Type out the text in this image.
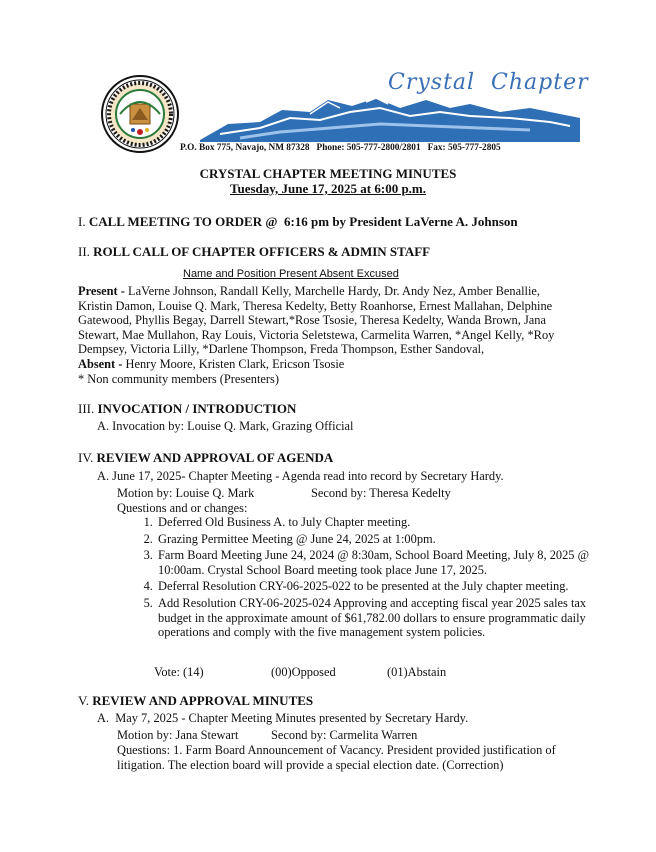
Crystal  Chapter
P.O. Box 775, Navajo, NM 87328   Phone: 505-777-2800/2801   Fax: 505-777-2805
CRYSTAL CHAPTER MEETING MINUTES
Tuesday, June 17, 2025 at 6:00 p.m.
I. CALL MEETING TO ORDER @  6:16 pm by President LaVerne A. Johnson
II. ROLL CALL OF CHAPTER OFFICERS & ADMIN STAFF
Name and Position Present Absent Excused
Present - LaVerne Johnson, Randall Kelly, Marchelle Hardy, Dr. Andy Nez, Amber Benallie,
Kristin Damon, Louise Q. Mark, Theresa Kedelty, Betty Roanhorse, Ernest Mallahan, Delphine
Gatewood, Phyllis Begay, Darrell Stewart,*Rose Tsosie, Theresa Kedelty, Wanda Brown, Jana
Stewart, Mae Mullahon, Ray Louis, Victoria Seletstewa, Carmelita Warren, *Angel Kelly, *Roy
Dempsey, Victoria Lilly, *Darlene Thompson, Freda Thompson, Esther Sandoval,
Absent - Henry Moore, Kristen Clark, Ericson Tsosie
* Non community members (Presenters)
III. INVOCATION / INTRODUCTION
A. Invocation by: Louise Q. Mark, Grazing Official
IV. REVIEW AND APPROVAL OF AGENDA
A. June 17, 2025- Chapter Meeting - Agenda read into record by Secretary Hardy.
Motion by: Louise Q. Mark	Second by: Theresa Kedelty
Questions and or changes:
1. Deferred Old Business A. to July Chapter meeting.
2. Grazing Permittee Meeting @ June 24, 2025 at 1:00pm.
3. Farm Board Meeting June 24, 2024 @ 8:30am, School Board Meeting, July 8, 2025 @ 10:00am. Crystal School Board meeting took place June 17, 2025.
4. Deferral Resolution CRY-06-2025-022 to be presented at the July chapter meeting.
5. Add Resolution CRY-06-2025-024 Approving and accepting fiscal year 2025 sales tax budget in the approximate amount of $61,782.00 dollars to ensure programmatic daily operations and comply with the five management system policies.
Vote: (14)	(00)Opposed	(01)Abstain
V. REVIEW AND APPROVAL MINUTES
A.  May 7, 2025 - Chapter Meeting Minutes presented by Secretary Hardy.
Motion by: Jana Stewart	Second by: Carmelita Warren
Questions: 1. Farm Board Announcement of Vacancy. President provided justification of
litigation. The election board will provide a special election date. (Correction)
